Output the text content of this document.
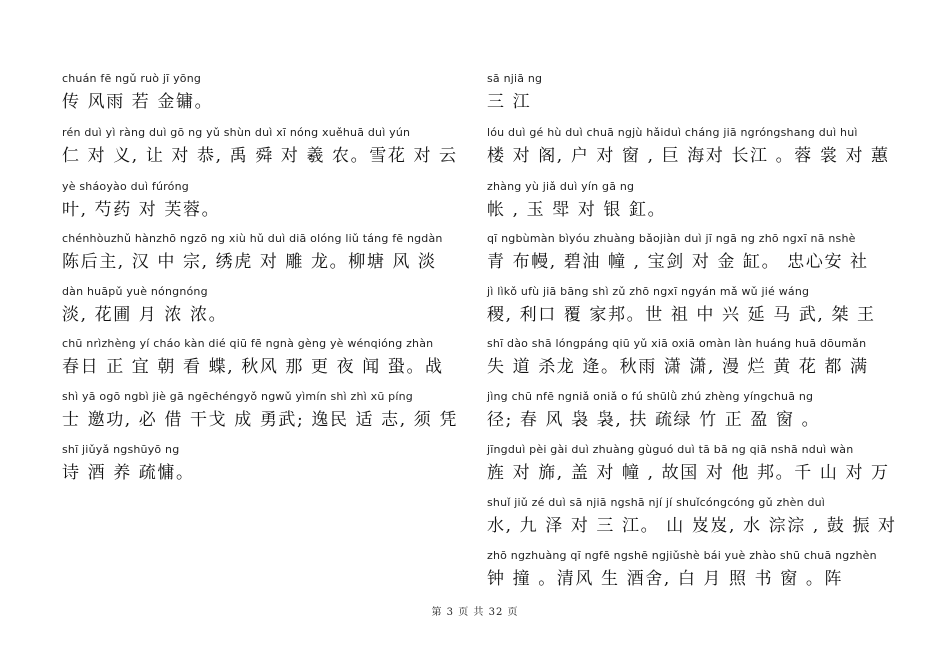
chuán fē ngǔ ruò jī yōng
传 风雨 若 金镛。
rén duì yì ràng duì gō ng yǔ shùn duì xī nóng xuěhuā duì yún
仁 对 义, 让 对 恭, 禹 舜 对 羲 农。雪花 对 云
yè sháoyào duì fúróng
叶, 芍药 对 芙蓉。
chénhòuzhǔ hànzhō ngzō ng xiù hǔ duì diā olóng liǔ táng fē ngdàn
陈后主, 汉 中 宗, 绣虎 对 雕 龙。柳塘 风 淡
dàn huāpǔ yuè nóngnóng
淡, 花圃 月 浓 浓。
chū nrìzhèng yí cháo kàn dié qiū fē ngnà gèng yè wénqióng zhàn
春日 正 宜 朝 看 蝶, 秋风 那 更 夜 闻 蛩。战
shì yā ogō ngbì jiè gā ngēchéngyǒ ngwǔ yìmín shì zhì xū píng
士 邀功, 必 借 干戈 成 勇武; 逸民 适 志, 须 凭
shī jiǔyǎ ngshūyō ng
诗 酒 养 疏慵。
sā njiā ng
三 江
lóu duì gé hù duì chuā ngjù hǎiduì cháng jiā ngróngshang duì huì
楼 对 阁, 户 对 窗 , 巨 海对 长江 。蓉 裳 对 蕙
zhàng yù jiǎ duì yín gā ng
帐 , 玉 斝 对 银 釭。
qī ngbùmàn bìyóu zhuàng bǎojiàn duì jī ngā ng zhō ngxī nā nshè
青 布幔, 碧油 幢 , 宝剑 对 金 缸。 忠心安 社
jì lìkǒ ufù jiā bāng shì zǔ zhō ngxī ngyán mǎ wǔ jié wáng
稷, 利口 覆 家邦。世 祖 中 兴 延 马 武, 桀 王
shī dào shā lóngpáng qiū yǔ xiā oxiā omàn làn huáng huā dōumǎn
失 道 杀龙 逄。秋雨 潇 潇, 漫 烂 黄 花 都 满
jìng chū nfē ngniǎ oniǎ o fú shūlǜ zhú zhèng yíngchuā ng
径; 春 风 袅 袅, 扶 疏绿 竹 正 盈 窗 。
jīngduì pèi gài duì zhuàng gùguó duì tā bā ng qiā nshā nduì wàn
旌 对 旆, 盖 对 幢 , 故国 对 他 邦。千 山 对 万
shuǐ jiǔ zé duì sā njiā ngshā njí jí shuǐcóngcóng gǔ zhèn duì
水, 九 泽 对 三 江。 山 岌岌, 水 淙淙 , 鼓 振 对
zhō ngzhuàng qī ngfē ngshē ngjiǔshè bái yuè zhào shū chuā ngzhèn
钟 撞 。清风 生 酒舍, 白 月 照 书 窗 。阵
第 3 页 共 32 页
